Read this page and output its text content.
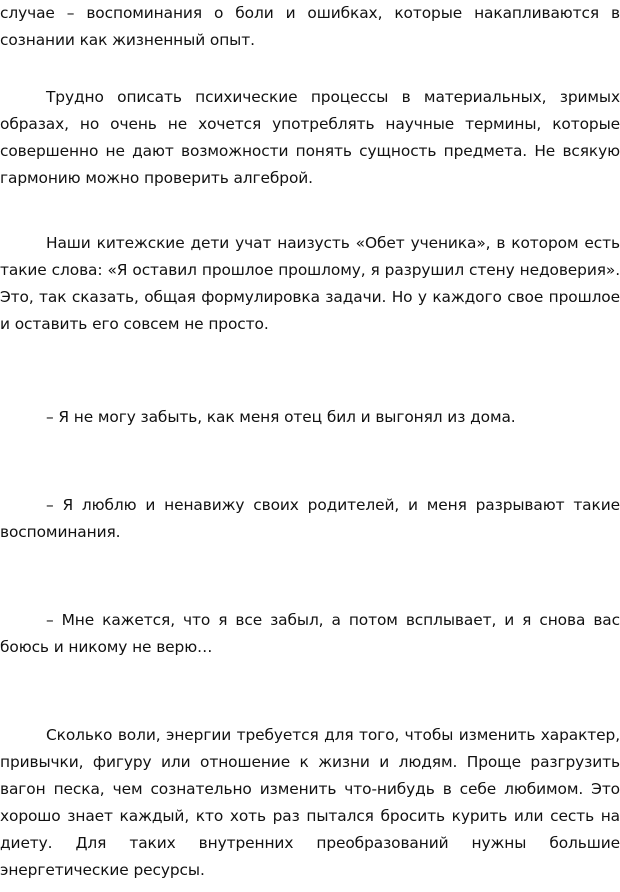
случае – воспоминания о боли и ошибках, которые накапливаются в сознании как жизненный опыт.

Трудно описать психические процессы в материальных, зримых образах, но очень не хочется употреблять научные термины, которые совершенно не дают возможности понять сущность предмета. Не всякую гармонию можно проверить алгеброй.

Наши китежские дети учат наизусть «Обет ученика», в котором есть такие слова: «Я оставил прошлое прошлому, я разрушил стену недоверия». Это, так сказать, общая формулировка задачи. Но у каждого свое прошлое и оставить его совсем не просто.

– Я не могу забыть, как меня отец бил и выгонял из дома.

– Я люблю и ненавижу своих родителей, и меня разрывают такие воспоминания.

– Мне кажется, что я все забыл, а потом всплывает, и я снова вас боюсь и никому не верю…

Сколько воли, энергии требуется для того, чтобы изменить характер, привычки, фигуру или отношение к жизни и людям. Проще разгрузить вагон песка, чем сознательно изменить что-нибудь в себе любимом. Это хорошо знает каждый, кто хоть раз пытался бросить курить или сесть на диету. Для таких внутренних преобразований нужны большие энергетические ресурсы.
